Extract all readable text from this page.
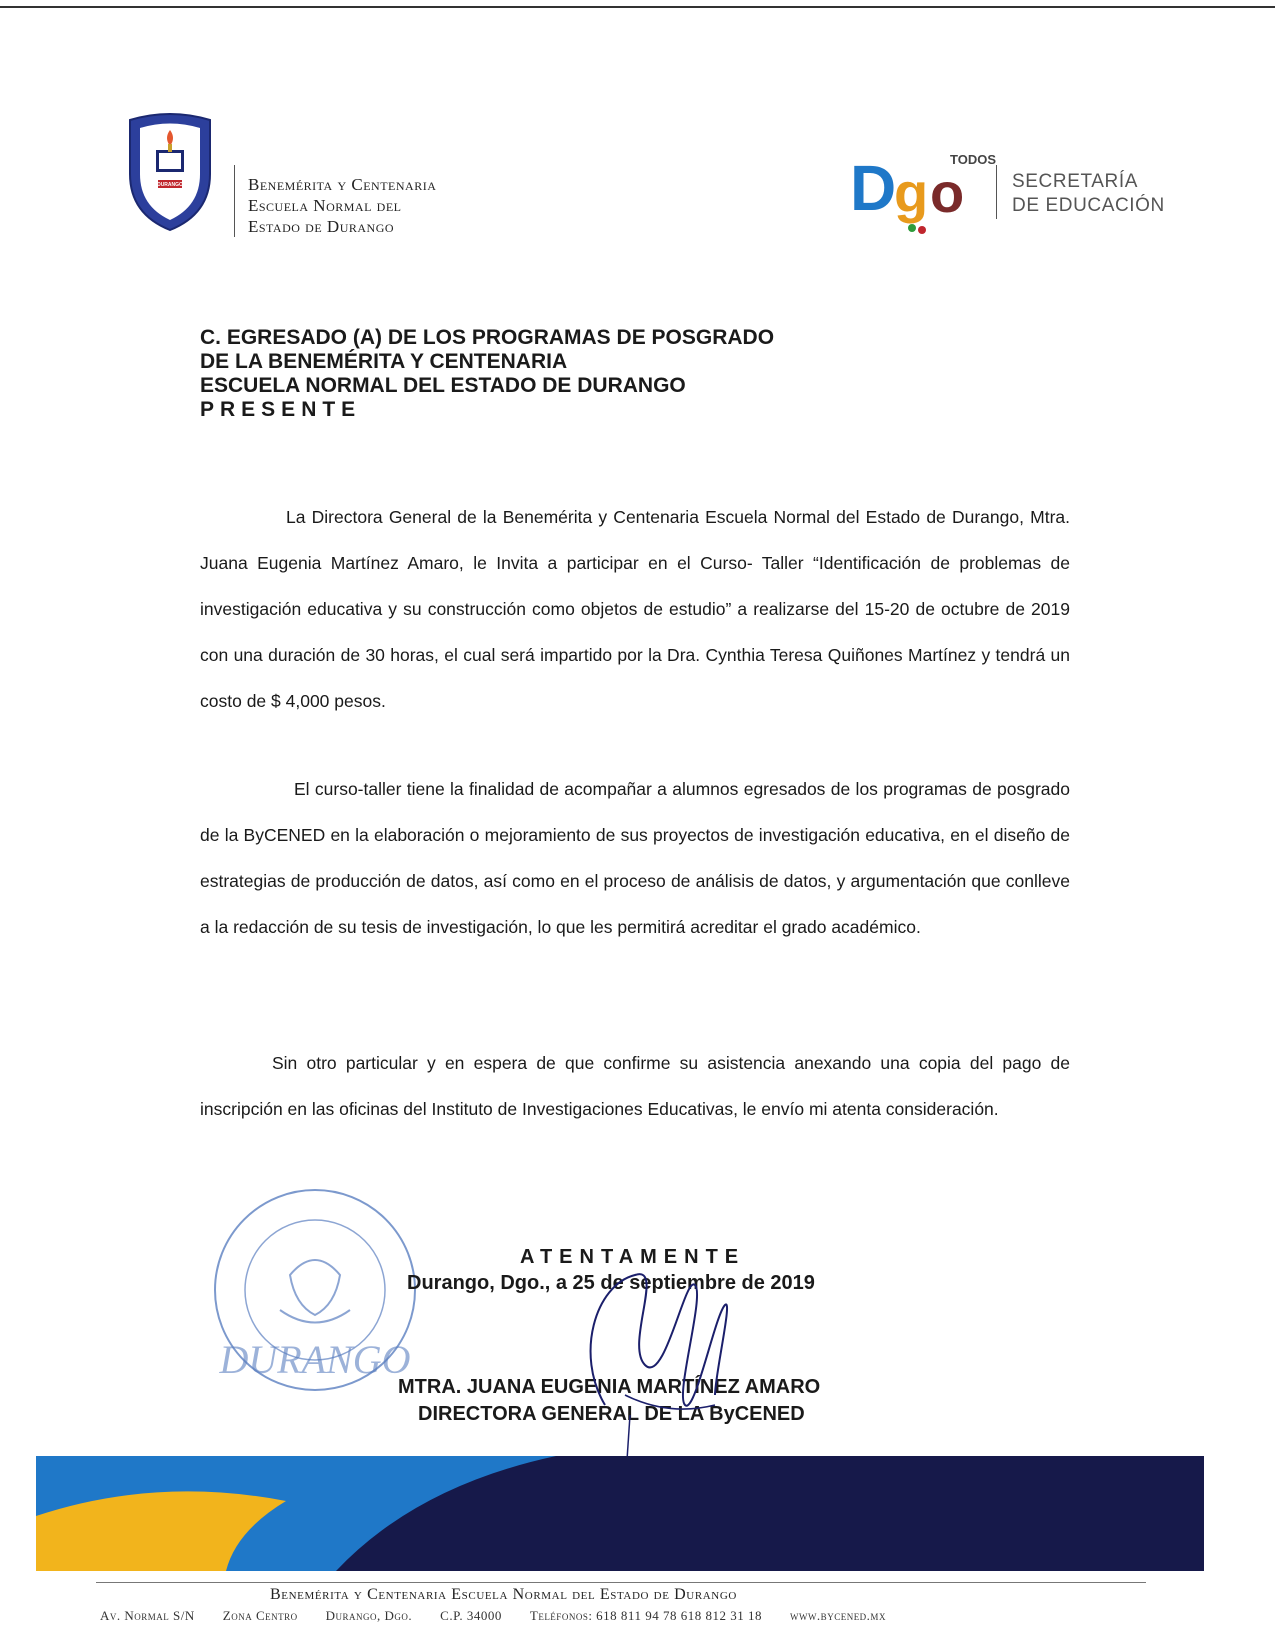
DURANGO	Benemérita y Centenaria
Escuela Normal del
Estado de Durango
D
g o
TODOS
SECRETARÍA
DE EDUCACIÓN
C. EGRESADO (A) DE LOS PROGRAMAS DE POSGRADO
DE LA BENEMÉRITA Y CENTENARIA
ESCUELA NORMAL DEL ESTADO DE DURANGO
PRESENTE

La Directora General de la Benemérita y Centenaria Escuela Normal del Estado de Durango, Mtra. Juana Eugenia Martínez Amaro, le Invita a participar en el Curso- Taller “Identificación de problemas de investigación educativa y su construcción como objetos de estudio” a realizarse del 15-20 de octubre de 2019 con una duración de 30 horas, el cual será impartido por la Dra. Cynthia Teresa Quiñones Martínez y tendrá un costo de $ 4,000 pesos.

El curso-taller tiene la finalidad de acompañar a alumnos egresados de los programas de posgrado de la ByCENED en la elaboración o mejoramiento de sus proyectos de investigación educativa, en el diseño de estrategias de producción de datos, así como en el proceso de análisis de datos, y argumentación que conlleve a la redacción de su tesis de investigación, lo que les permitirá acreditar el grado académico.

Sin otro particular y en espera de que confirme su asistencia anexando una copia del pago de inscripción en las oficinas del Instituto de Investigaciones Educativas, le envío mi atenta consideración.

DURANGO
ATENTAMENTE
Durango, Dgo., a 25 de septiembre de 2019
MTRA. JUANA EUGENIA MARTÍNEZ AMARO
DIRECTORA GENERAL DE LA ByCENED
Benemérita y Centenaria Escuela Normal del Estado de Durango
Av. Normal S/N Zona Centro Durango, Dgo. C.P. 34000 Teléfonos: 618 811 94 78 618 812 31 18 www.bycened.mx
